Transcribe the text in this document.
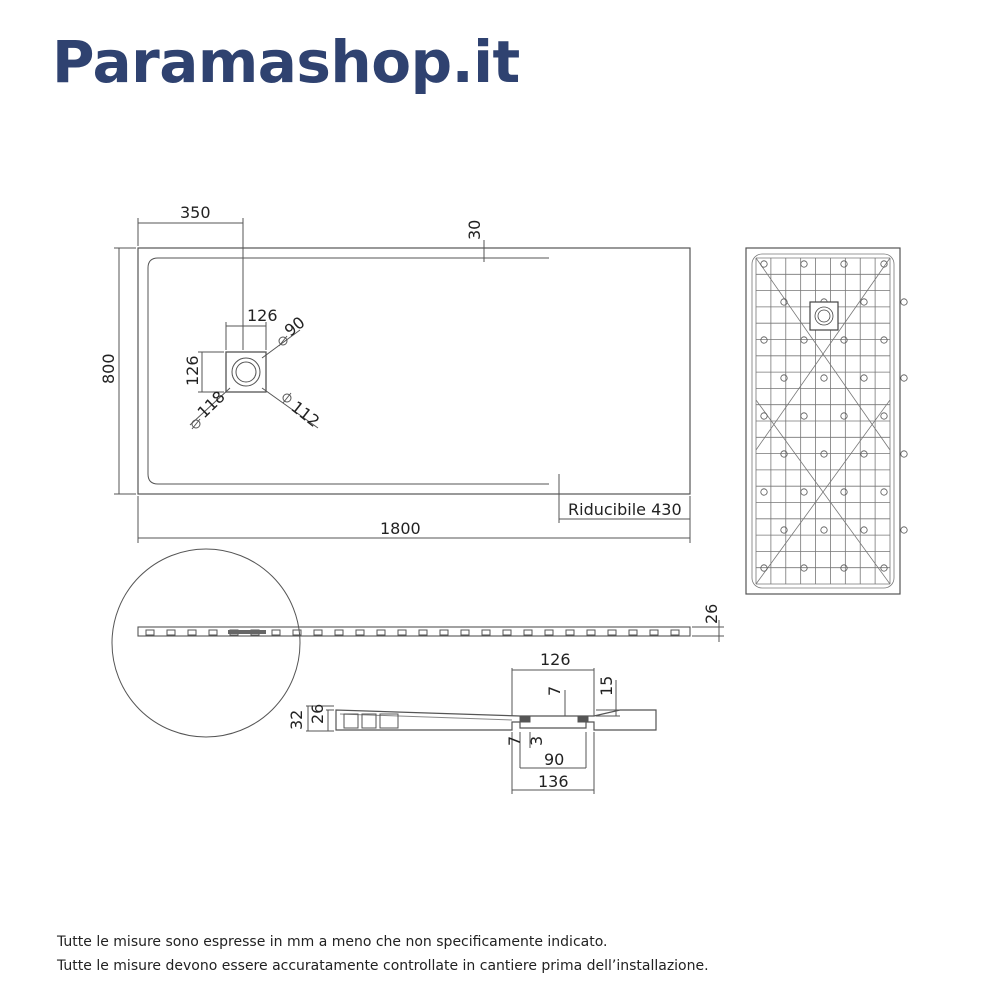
Paramashop.it
350
30
800
1800
Riducibile 430
126
126
90
112
118
26
32 26
126
7 15
7 3
90
136
Tutte le misure sono espresse in mm a meno che non specificamente indicato.
Tutte le misure devono essere accuratamente controllate in cantiere prima dell’installazione.
